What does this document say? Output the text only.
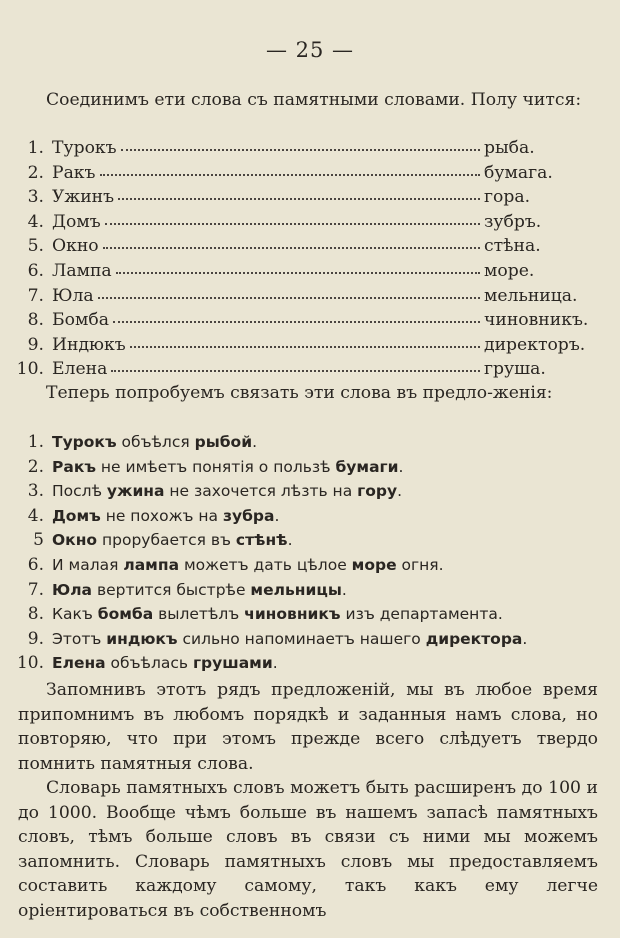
— 25 —

Соединимъ ети слова съ памятными словами. Полу чится:

1. Турокъ	рыба.
2. Ракъ	бумага.
3. Ужинъ	гора.
4. Домъ	зубръ.
5. Окно	стѣна.
6. Лампа	море.
7. Юла	мельница.
8. Бомба	чиновникъ.
9. Индюкъ	директоръ.
10. Елена	груша.

Теперь попробуемъ связать эти слова въ предло-женія:

1. Турокъ объѣлся рыбой.
2. Ракъ не имѣетъ понятія о пользѣ бумаги.
3. Послѣ ужина не захочется лѣзть на гору.
4. Домъ не похожъ на зубра.
5 Окно прорубается въ стѣнѣ.
6. И малая лампа можетъ дать цѣлое море огня.
7. Юла вертится быстрѣе мельницы.
8. Какъ бомба вылетѣлъ чиновникъ изъ департамента.
9. Этотъ индюкъ сильно напоминаетъ нашего директора.
10. Елена объѣлась грушами.

Запомнивъ этотъ рядъ предложеній, мы въ любое время припомнимъ въ любомъ порядкѣ и заданныя намъ слова, но повторяю, что при этомъ прежде всего слѣдуетъ твердо помнить памятныя слова.

Словарь памятныхъ словъ можетъ быть расширенъ до 100 и до 1000. Вообще чѣмъ больше въ нашемъ запасѣ памятныхъ словъ, тѣмъ больше словъ въ связи съ ними мы можемъ запомнить. Словарь памятныхъ словъ мы предоставляемъ составить каждому самому, такъ какъ ему легче оріентироваться въ собственномъ
